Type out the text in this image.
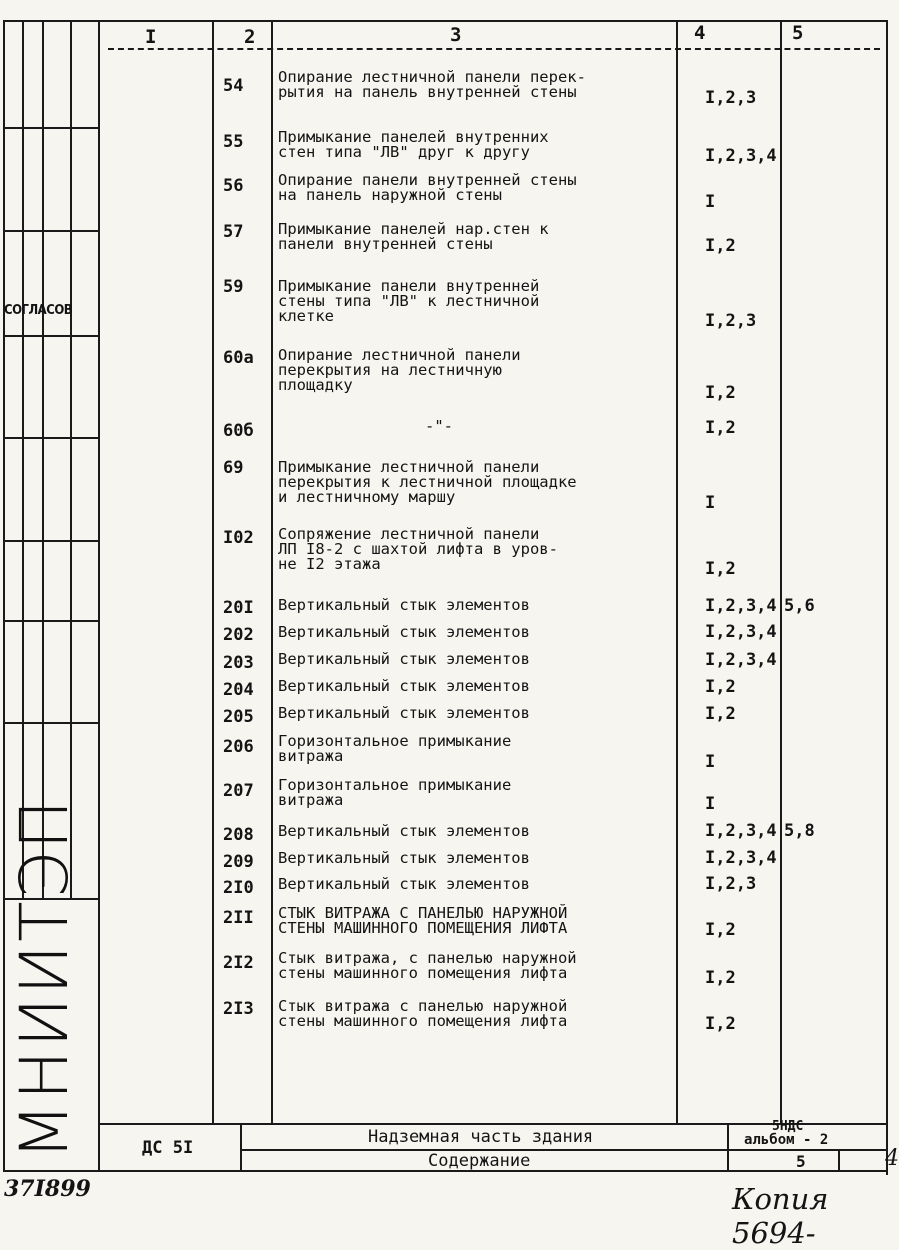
I	2	3	4	5
54 Опирание лестничной панели перек-
рытия на панель внутренней стены	I,2,3
55 Примыкание панелей внутренних
стен типа "ЛВ" друг к другу	I,2,3,4
56 Опирание панели внутренней стены
на панель наружной стены	I
57 Примыкание панелей нар.стен к
панели внутренней стены	I,2
59 Примыкание панели внутренней
стены типа "ЛВ" к лестничной
клетке	I,2,3
60а Опирание лестничной панели
перекрытия на лестничную
площадку	I,2
60б	-"-	I,2
69 Примыкание лестничной панели
перекрытия к лестничной площадке
и лестничному маршу	I
I02 Сопряжение лестничной панели
ЛП I8-2 с шахтой лифта в уров-
не I2 этажа	I,2
20I Вертикальный стык элементов	I,2,3,4 5,6
202 Вертикальный стык элементов	I,2,3,4
203 Вертикальный стык элементов	I,2,3,4
204 Вертикальный стык элементов	I,2
205 Вертикальный стык элементов	I,2
206 Горизонтальное примыкание
витража	I
207 Горизонтальное примыкание
витража	I
208 Вертикальный стык элементов	I,2,3,4 5,8
209 Вертикальный стык элементов	I,2,3,4
2I0 Вертикальный стык элементов	I,2,3
2II СТЫК ВИТРАЖА С ПАНЕЛЬЮ НАРУЖНОЙ
СТЕНЫ МАШИННОГО ПОМЕЩЕНИЯ ЛИФТА	I,2
2I2 Стык витража, с панелью наружной
стены машинного помещения лифта	I,2
2I3 Стык витража с панелью наружной
стены машинного помещения лифта	I,2
ДС 5I
Надземная часть здания
Содержание
5НДС
альбом - 2
5	4
СОГЛАСОВ
МНИИТЭП
37I899	Копия 5694-
